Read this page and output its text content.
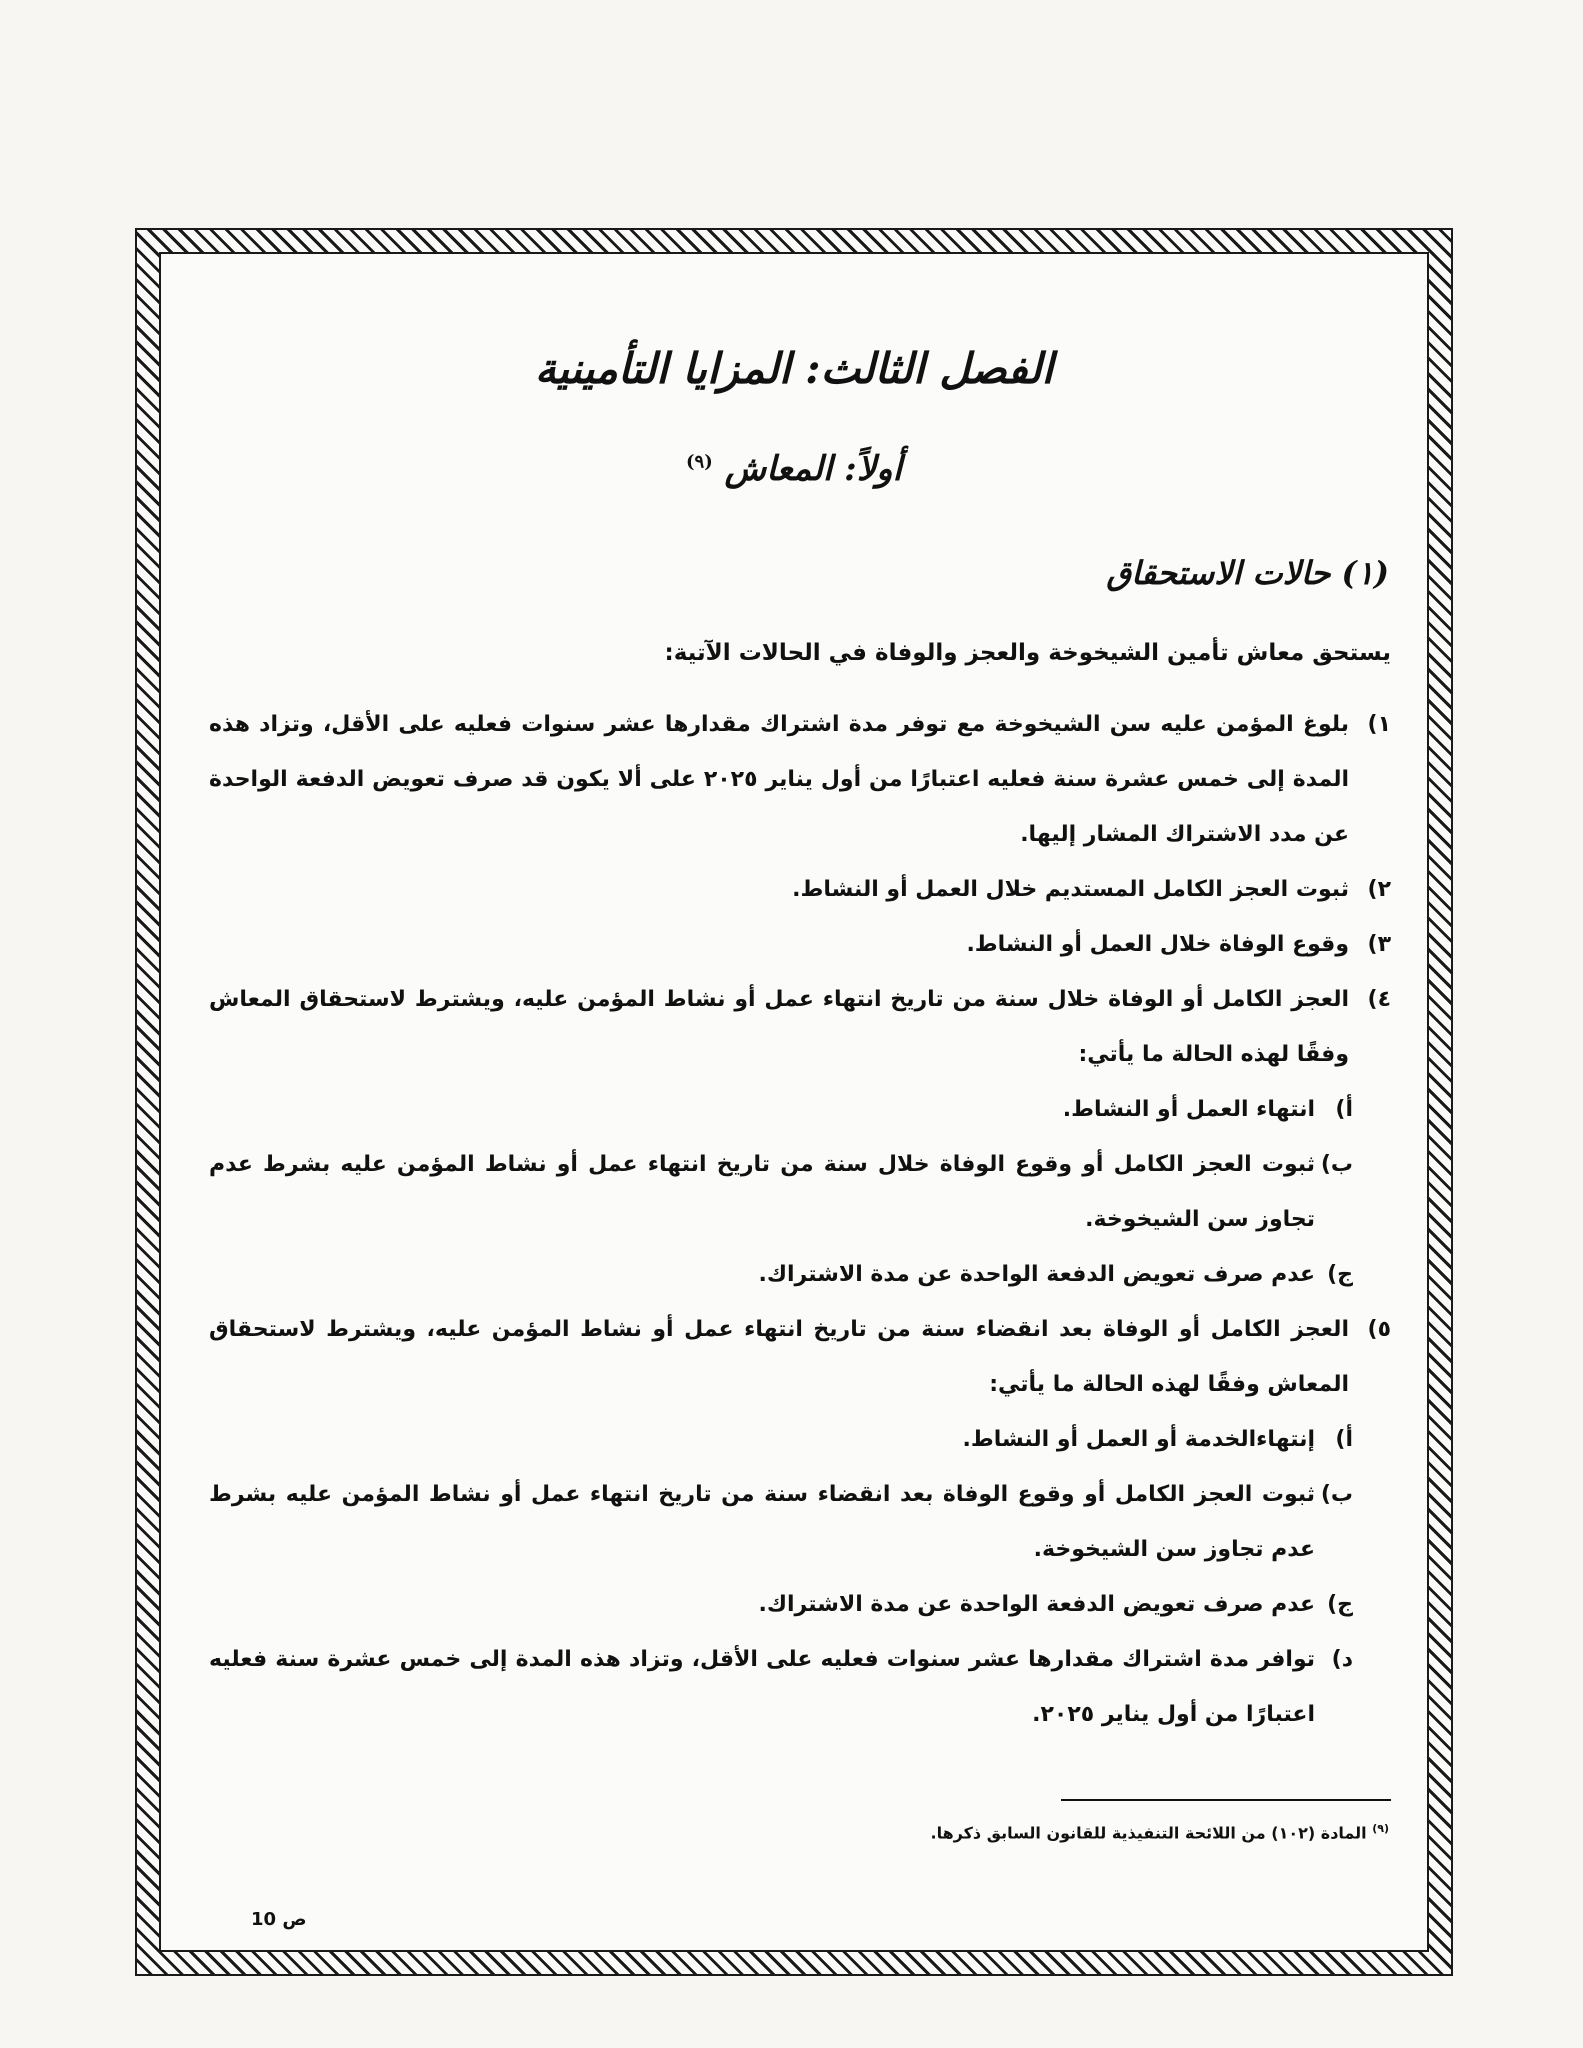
الفصل الثالث: المزايا التأمينية
أولاً: المعاش $^{(٩)}$
(١) حالات الاستحقاق
يستحق معاش تأمين الشيخوخة والعجز والوفاة في الحالات الآتية:
١)
بلوغ المؤمن عليه سن الشيخوخة مع توفر مدة اشتراك مقدارها عشر سنوات فعليه على الأقل، وتزاد هذه المدة إلى خمس عشرة سنة فعليه اعتبارًا من أول يناير ٢٠٢٥ على ألا يكون قد صرف تعويض الدفعة الواحدة عن مدد الاشتراك المشار إليها.
٢)
ثبوت العجز الكامل المستديم خلال العمل أو النشاط.
٣)
وقوع الوفاة خلال العمل أو النشاط.
٤)
العجز الكامل أو الوفاة خلال سنة من تاريخ انتهاء عمل أو نشاط المؤمن عليه، ويشترط لاستحقاق المعاش وفقًا لهذه الحالة ما يأتي:
أ)
انتهاء العمل أو النشاط.
ب)
ثبوت العجز الكامل أو وقوع الوفاة خلال سنة من تاريخ انتهاء عمل أو نشاط المؤمن عليه بشرط عدم تجاوز سن الشيخوخة.
ج)
عدم صرف تعويض الدفعة الواحدة عن مدة الاشتراك.
٥)
العجز الكامل أو الوفاة بعد انقضاء سنة من تاريخ انتهاء عمل أو نشاط المؤمن عليه، ويشترط لاستحقاق المعاش وفقًا لهذه الحالة ما يأتي:
أ)
إنتهاءالخدمة أو العمل أو النشاط.
ب)
ثبوت العجز الكامل أو وقوع الوفاة بعد انقضاء سنة من تاريخ انتهاء عمل أو نشاط المؤمن عليه بشرط عدم تجاوز سن الشيخوخة.
ج)
عدم صرف تعويض الدفعة الواحدة عن مدة الاشتراك.
د)
توافر مدة اشتراك مقدارها عشر سنوات فعليه على الأقل، وتزاد هذه المدة إلى خمس عشرة سنة فعليه اعتبارًا من أول يناير ٢٠٢٥.
$^{(٩)}$ المادة (١٠٢) من اللائحة التنفيذية للقانون السابق ذكرها.
ص 10
